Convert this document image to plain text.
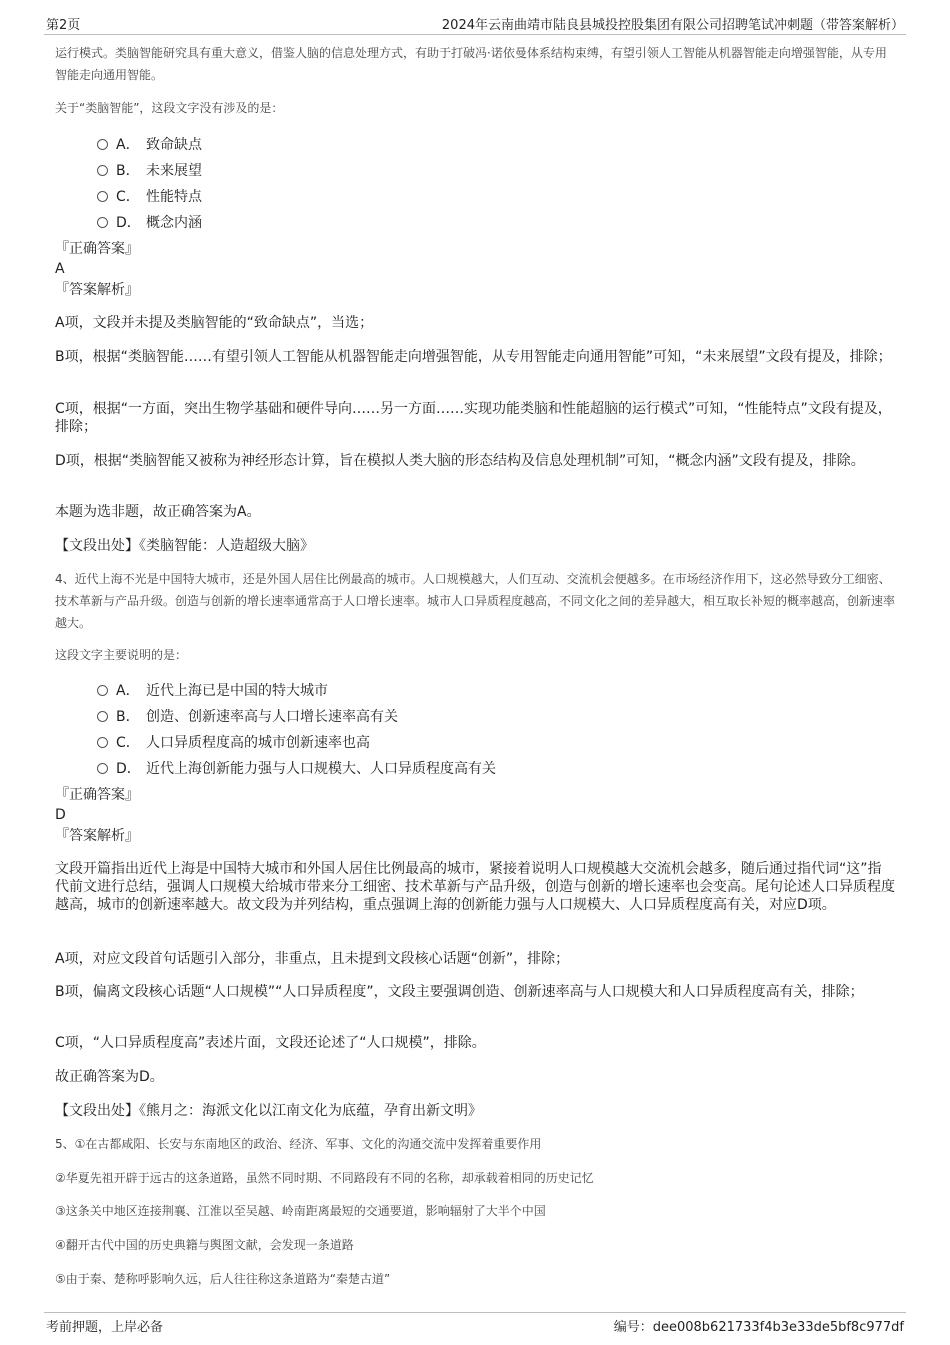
第2页	2024年云南曲靖市陆良县城投控股集团有限公司招聘笔试冲刺题（带答案解析）
运行模式。类脑智能研究具有重大意义，借鉴人脑的信息处理方式，有助于打破冯·诺依曼体系结构束缚，有望引领人工智能从机器智能走向增强智能，从专用智能走向通用智能。
关于“类脑智能”，这段文字没有涉及的是：
A． 致命缺点
B． 未来展望
C． 性能特点
D． 概念内涵
『正确答案』
A
『答案解析』
A项，文段并未提及类脑智能的“致命缺点”，当选；
B项，根据“类脑智能……有望引领人工智能从机器智能走向增强智能，从专用智能走向通用智能”可知，“未来展望”文段有提及，排除；
C项，根据“一方面，突出生物学基础和硬件导向……另一方面……实现功能类脑和性能超脑的运行模式”可知，“性能特点”文段有提及，排除；
D项，根据“类脑智能又被称为神经形态计算，旨在模拟人类大脑的形态结构及信息处理机制”可知，“概念内涵”文段有提及，排除。
本题为选非题，故正确答案为A。
【文段出处】《类脑智能：人造超级大脑》
4、近代上海不光是中国特大城市，还是外国人居住比例最高的城市。人口规模越大，人们互动、交流机会便越多。在市场经济作用下，这必然导致分工细密、技术革新与产品升级。创造与创新的增长速率通常高于人口增长速率。城市人口异质程度越高，不同文化之间的差异越大，相互取长补短的概率越高，创新速率越大。
这段文字主要说明的是：
A． 近代上海已是中国的特大城市
B． 创造、创新速率高与人口增长速率高有关
C． 人口异质程度高的城市创新速率也高
D． 近代上海创新能力强与人口规模大、人口异质程度高有关
『正确答案』
D
『答案解析』
文段开篇指出近代上海是中国特大城市和外国人居住比例最高的城市，紧接着说明人口规模越大交流机会越多，随后通过指代词“这”指代前文进行总结，强调人口规模大给城市带来分工细密、技术革新与产品升级，创造与创新的增长速率也会变高。尾句论述人口异质程度越高，城市的创新速率越大。故文段为并列结构，重点强调上海的创新能力强与人口规模大、人口异质程度高有关，对应D项。
A项，对应文段首句话题引入部分，非重点，且未提到文段核心话题“创新”，排除；
B项，偏离文段核心话题“人口规模”“人口异质程度”，文段主要强调创造、创新速率高与人口规模大和人口异质程度高有关，排除；
C项，“人口异质程度高”表述片面，文段还论述了“人口规模”，排除。
故正确答案为D。
【文段出处】《熊月之：海派文化以江南文化为底蕴，孕育出新文明》
5、①在古都咸阳、长安与东南地区的政治、经济、军事、文化的沟通交流中发挥着重要作用
②华夏先祖开辟于远古的这条道路，虽然不同时期、不同路段有不同的名称，却承载着相同的历史记忆
③这条关中地区连接荆襄、江淮以至吴越、岭南距离最短的交通要道，影响辐射了大半个中国
④翻开古代中国的历史典籍与舆图文献，会发现一条道路
⑤由于秦、楚称呼影响久远，后人往往称这条道路为“秦楚古道”
考前押题，上岸必备	编号：dee008b621733f4b3e33de5bf8c977df
